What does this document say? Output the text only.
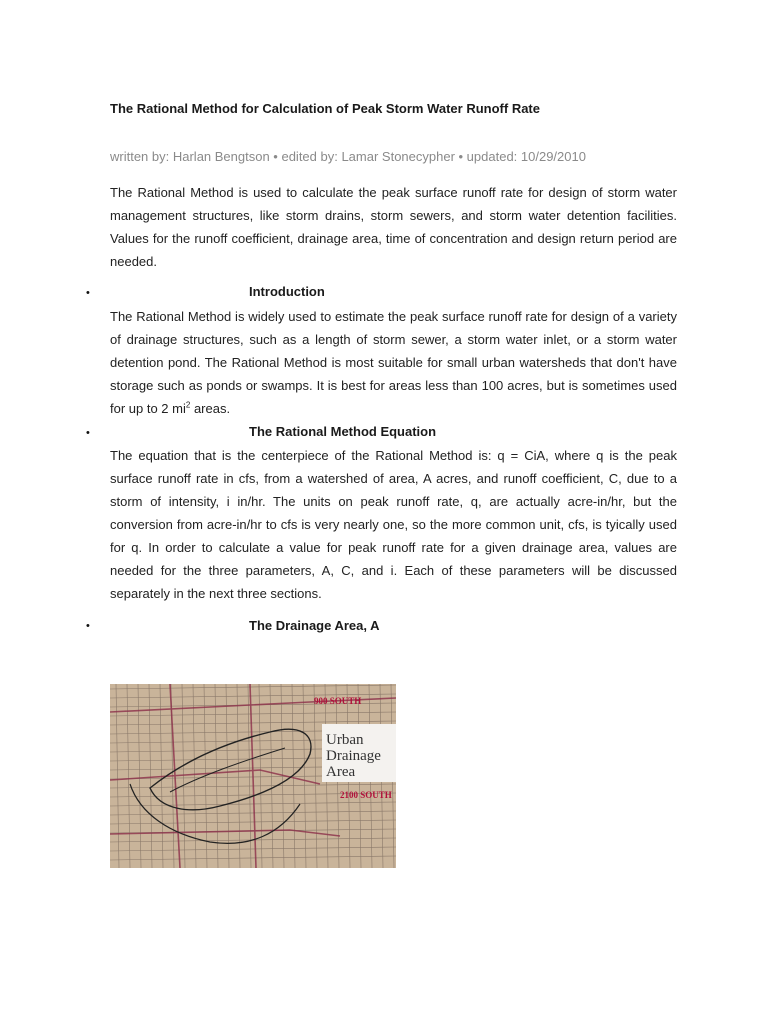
The Rational Method for Calculation of Peak Storm Water Runoff Rate
written by: Harlan Bengtson • edited by: Lamar Stonecypher • updated: 10/29/2010

The Rational Method is used to calculate the peak surface runoff rate for design of storm water management structures, like storm drains, storm sewers, and storm water detention facilities. Values for the runoff coefficient, drainage area, time of concentration and design return period are needed.

•	Introduction

The Rational Method is widely used to estimate the peak surface runoff rate for design of a variety of drainage structures, such as a length of storm sewer, a storm water inlet, or a storm water detention pond. The Rational Method is most suitable for small urban watersheds that don't have storage such as ponds or swamps. It is best for areas less than 100 acres, but is sometimes used for up to 2 $mi^2$ areas.

•	The Rational Method Equation

The equation that is the centerpiece of the Rational Method is: q = CiA, where q is the peak surface runoff rate in cfs, from a watershed of area, A acres, and runoff coefficient, C, due to a storm of intensity, i in/hr. The units on peak runoff rate, q, are actually acre-in/hr, but the conversion from acre-in/hr to cfs is very nearly one, so the more common unit, cfs, is tyically used for q. In order to calculate a value for peak runoff rate for a given drainage area, values are needed for the three parameters, A, C, and i. Each of these parameters will be discussed separately in the next three sections.

•	The Drainage Area, A
Urban
Drainage
Area
900 SOUTH
2100 SOUTH
